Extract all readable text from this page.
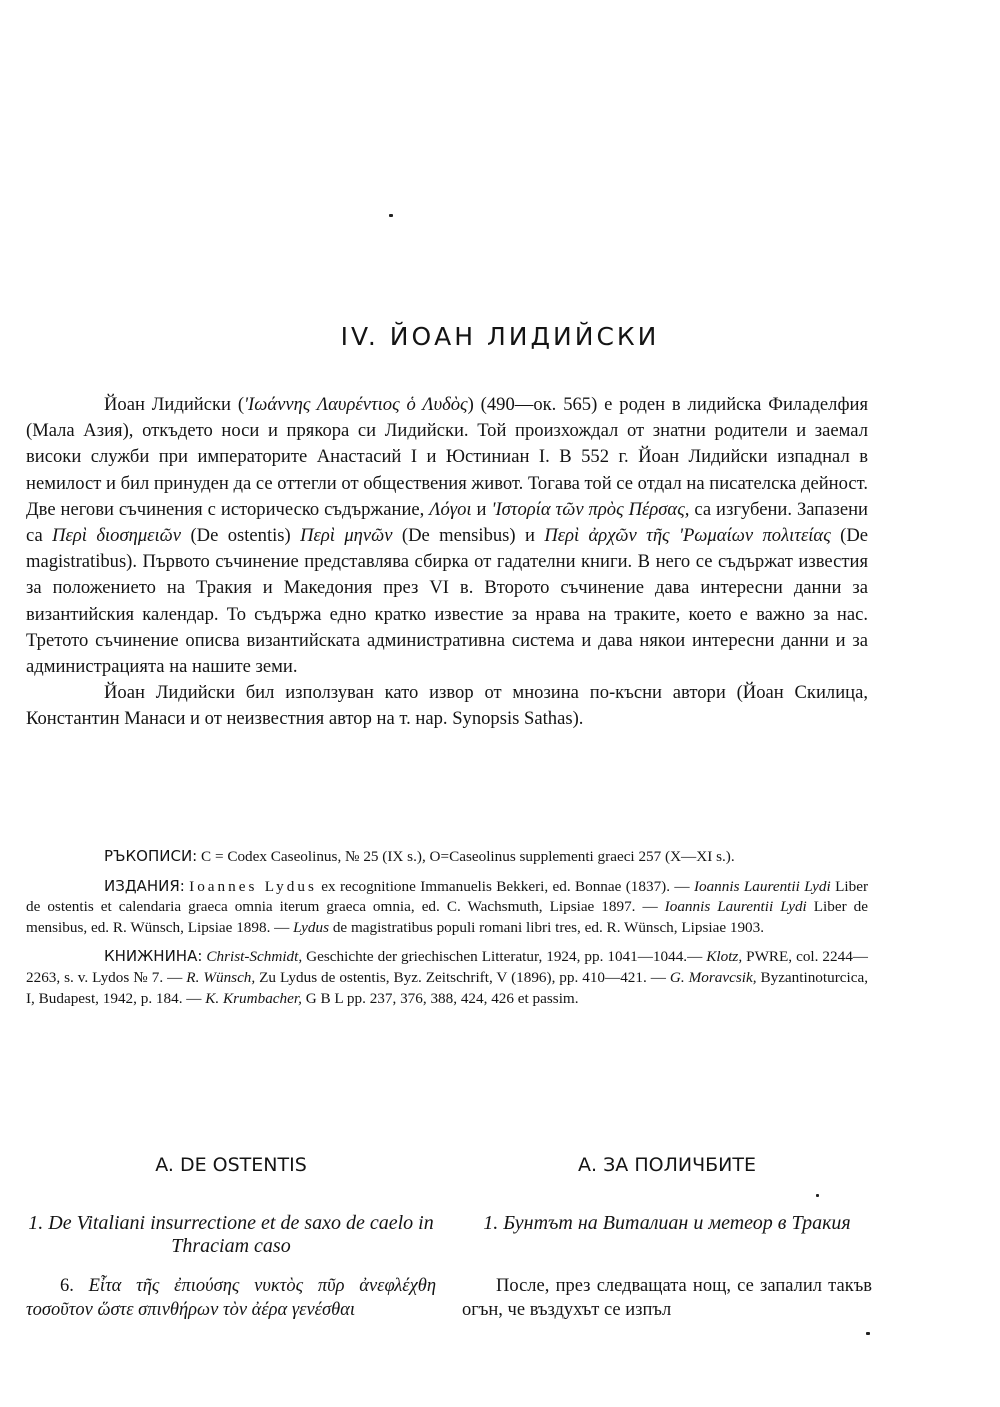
IV. ЙОАН ЛИДИЙСКИ

Йоан Лидийски ('Ιωάννης Λαυρέντιος ὁ Λυδὸς) (490—ок. 565) е роден в лидийска Филаделфия (Мала Азия), откъдето носи и прякора си Лидийски. Той произхождал от знатни родители и заемал високи служби при императорите Анастасий I и Юстиниан I. В 552 г. Йоан Лидийски изпаднал в немилост и бил принуден да се оттегли от обществения живот. Тогава той се отдал на писателска дейност. Две негови съчинения с историческо съдържание, Λόγοι и 'Ιστορία τῶν πρὸς Πέρσας, са изгубени. Запазени са Περὶ διοσημειῶν (De ostentis) Περὶ μηνῶν (De mensibus) и Περὶ ἀρχῶν τῆς 'Ρωμαίων πολιτείας (De magistratibus). Първото съчинение представлява сбирка от гадателни книги. В него се съдържат известия за положението на Тракия и Македония през VI в. Второто съчинение дава интересни данни за византийския календар. То съдържа едно кратко известие за нрава на траките, което е важно за нас. Третото съчинение описва византийската административна система и дава някои интересни данни и за администрацията на нашите земи.

Йоан Лидийски бил използуван като извор от мнозина по-късни автори (Йоан Скилица, Константин Манаси и от неизвестния автор на т. нар. Synopsis Sathas).

РЪКОПИСИ: C = Codex Caseolinus, № 25 (IX s.), O=Caseolinus supplementi graeci 257 (X—XI s.).

ИЗДАНИЯ: Ioannes Lydus ex recognitione Immanuelis Bekkeri, ed. Bonnae (1837). — Ioannis Laurentii Lydi Liber de ostentis et calendaria graeca omnia iterum graeca omnia, ed. C. Wachsmuth, Lipsiae 1897. — Ioannis Laurentii Lydi Liber de mensibus, ed. R. Wünsch, Lipsiae 1898. — Lydus de magistratibus populi romani libri tres, ed. R. Wünsch, Lipsiae 1903.

КНИЖНИНА: Christ-Schmidt, Geschichte der griechischen Litteratur, 1924, pp. 1041—1044.— Klotz, PWRE, col. 2244—2263, s. v. Lydos № 7. — R. Wünsch, Zu Lydus de ostentis, Byz. Zeitschrift, V (1896), pp. 410—421. — G. Moravcsik, Byzantinoturcica, I, Budapest, 1942, p. 184. — K. Krumbacher, G B L pp. 237, 376, 388, 424, 426 et passim.

A. DE OSTENTIS	А. ЗА ПОЛИЧБИТЕ
1. De Vitaliani insurrectione et de saxo de caelo in Thraciam caso
1. Бунтът на Виталиан и метеор в Тракия

6. Εἶτα τῆς ἐπιούσης νυκτὸς πῦρ ἀνεφλέχθη τοσοῦτον ὥστε σπινθήρων τὸν ἀέρα γενέσθαι

После, през следващата нощ, се запалил такъв огън, че въздухът се изпъл
